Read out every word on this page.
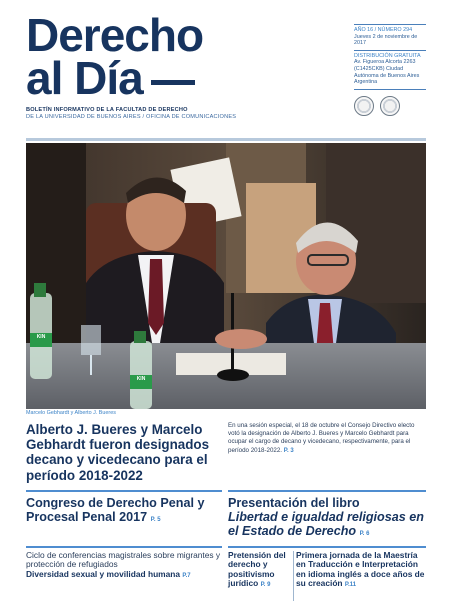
Derecho
al Día
BOLETÍN INFORMATIVO DE LA FACULTAD DE DERECHO
DE LA UNIVERSIDAD DE BUENOS AIRES / OFICINA DE COMUNICACIONES
AÑO 16 / NÚMERO 294
Jueves 2 de noviembre de 2017
DISTRIBUCIÓN GRATUITA
Av. Figueroa Alcorta 2263 (C1425CKB) Ciudad Autónoma de Buenos Aires Argentina
KIN
KIN
Marcelo Gebhardt y Alberto J. Bueres
Alberto J. Bueres y Marcelo Gebhardt fueron designados decano y vicedecano para el período 2018-2022
En una sesión especial, el 18 de octubre el Consejo Directivo electo votó la designación de Alberto J. Bueres y Marcelo Gebhardt para ocupar el cargo de decano y vicedecano, respectivamente, para el período 2018-2022. P. 3
Congreso de Derecho Penal y Procesal Penal 2017 P. 5
Presentación del libro
Libertad e igualdad religiosas en el Estado de Derecho P. 6
Ciclo de conferencias magistrales sobre migrantes y protección de refugiados
Diversidad sexual y movilidad humana P.7
Pretensión del derecho y positivismo jurídico P. 9
Primera jornada de la Maestría en Traducción e Interpretación en idioma inglés a doce años de su creación P.11
